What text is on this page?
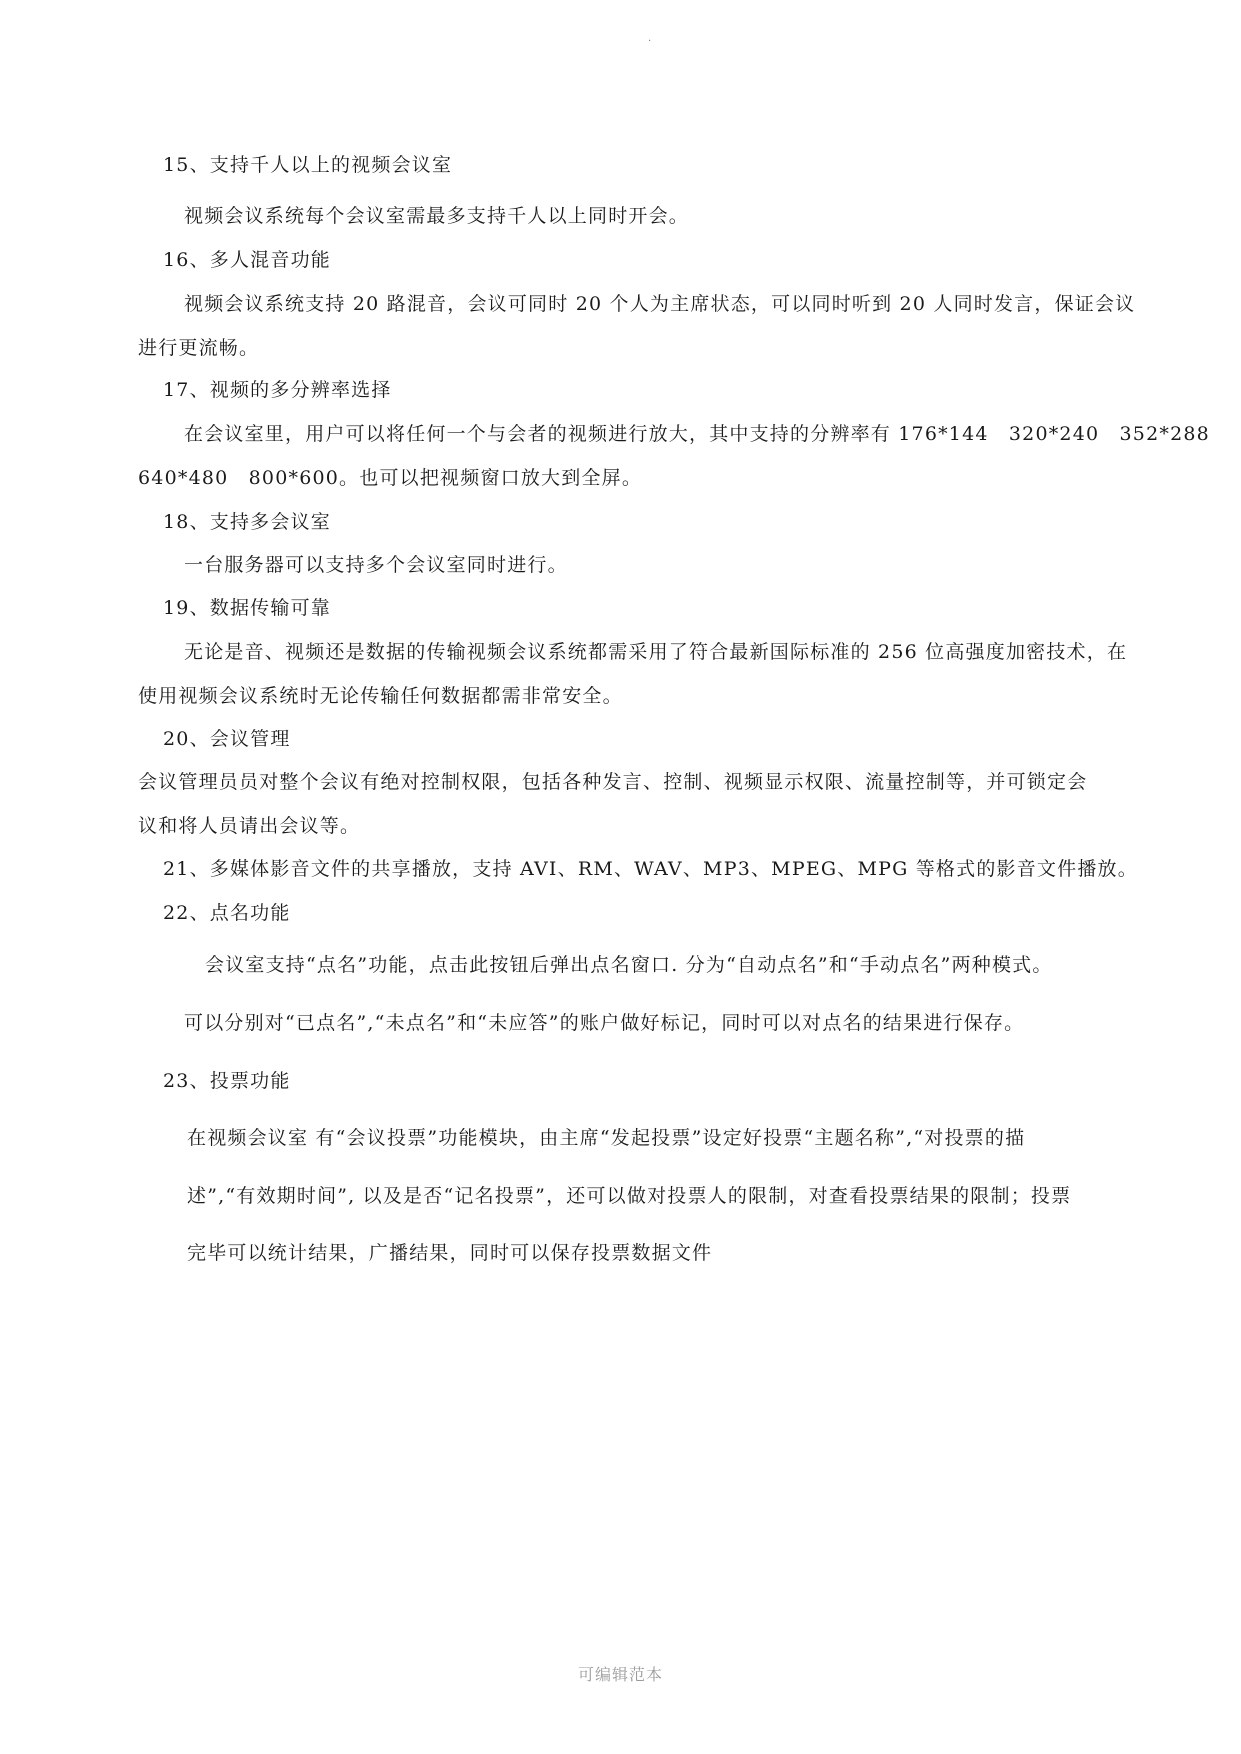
.

15、支持千人以上的视频会议室

视频会议系统每个会议室需最多支持千人以上同时开会。

16、多人混音功能

视频会议系统支持 20 路混音，会议可同时 20 个人为主席状态，可以同时听到 20 人同时发言，保证会议

进行更流畅。

17、视频的多分辨率选择

在会议室里，用户可以将任何一个与会者的视频进行放大，其中支持的分辨率有 176*144　320*240　352*288

640*480　800*600。也可以把视频窗口放大到全屏。

18、支持多会议室

一台服务器可以支持多个会议室同时进行。

19、数据传输可靠

无论是音、视频还是数据的传输视频会议系统都需采用了符合最新国际标准的 256 位高强度加密技术，在

使用视频会议系统时无论传输任何数据都需非常安全。

20、会议管理

会议管理员员对整个会议有绝对控制权限，包括各种发言、控制、视频显示权限、流量控制等，并可锁定会

议和将人员请出会议等。

21、多媒体影音文件的共享播放，支持 AVI、RM、WAV、MP3、MPEG、MPG 等格式的影音文件播放。

22、点名功能

会议室支持“点名”功能，点击此按钮后弹出点名窗口. 分为“自动点名”和“手动点名”两种模式。

可以分别对“已点名”,“未点名”和“未应答”的账户做好标记，同时可以对点名的结果进行保存。

23、投票功能

在视频会议室 有“会议投票”功能模块，由主席“发起投票”设定好投票“主题名称”,“对投票的描

述”,“有效期时间”, 以及是否“记名投票”，还可以做对投票人的限制，对查看投票结果的限制；投票

完毕可以统计结果，广播结果，同时可以保存投票数据文件

可编辑范本
